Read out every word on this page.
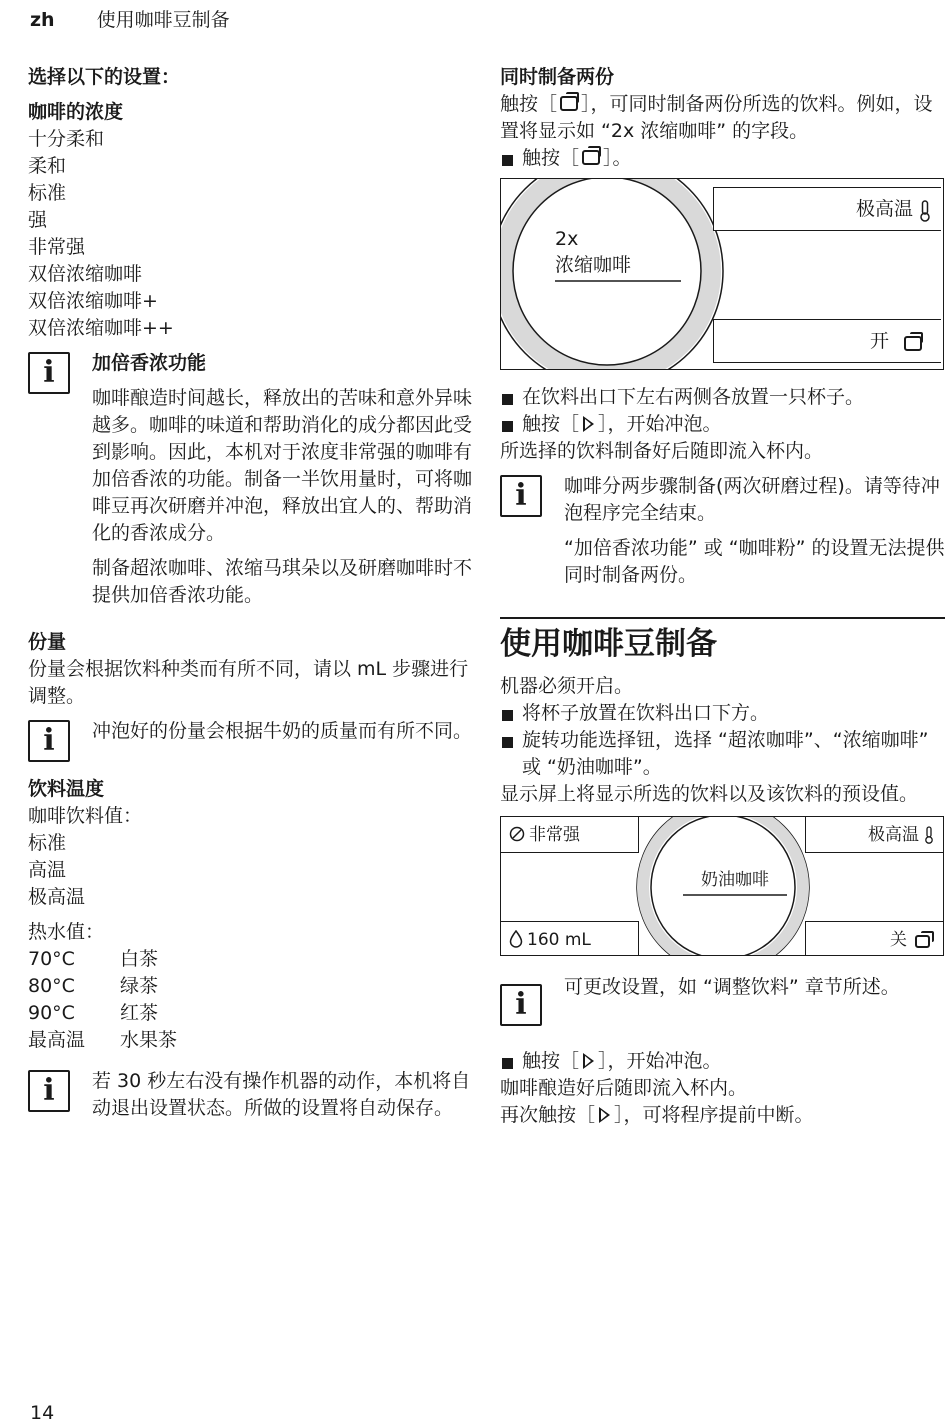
zh 使用咖啡豆制备

选择以下的设置：

咖啡的浓度

十分柔和

柔和

标准

强

非常强

双倍浓缩咖啡

双倍浓缩咖啡+

双倍浓缩咖啡++

i	加倍香浓功能

咖啡酿造时间越长，释放出的苦味和意外异味越多。咖啡的味道和帮助消化的成分都因此受到影响。因此，本机对于浓度非常强的咖啡有加倍香浓的功能。制备一半饮用量时，可将咖啡豆再次研磨并冲泡，释放出宜人的、帮助消化的香浓成分。

制备超浓咖啡、浓缩马琪朵以及研磨咖啡时不提供加倍香浓功能。

份量

份量会根据饮料种类而有所不同，请以 mL 步骤进行调整。

i	冲泡好的份量会根据牛奶的质量而有所不同。

饮料温度

咖啡饮料值：

标准

高温

极高温

热水值：

70°C	白茶
80°C	绿茶
90°C	红茶
最高温	水果茶
i	若 30 秒左右没有操作机器的动作，本机将自动退出设置状态。所做的设置将自动保存。

同时制备两份

触按［ ］，可同时制备两份所选的饮料。例如，设置将显示如 “2x 浓缩咖啡” 的字段。

触按［ ］。

2x
浓缩咖啡
极高温
开

在饮料出口下左右两侧各放置一只杯子。

触按［ ］，开始冲泡。

所选择的饮料制备好后随即流入杯内。

i	咖啡分两步骤制备(两次研磨过程)。请等待冲泡程序完全结束。

“加倍香浓功能” 或 “咖啡粉” 的设置无法提供同时制备两份。

使用咖啡豆制备

机器必须开启。

将杯子放置在饮料出口下方。

旋转功能选择钮，选择 “超浓咖啡”、“浓缩咖啡” 或 “奶油咖啡”。

显示屏上将显示所选的饮料以及该饮料的预设值。

非常强
160 mL
极高温
关
奶油咖啡
i	可更改设置，如 “调整饮料” 章节所述。

触按［ ］，开始冲泡。

咖啡酿造好后随即流入杯内。

再次触按［ ］，可将程序提前中断。

14
